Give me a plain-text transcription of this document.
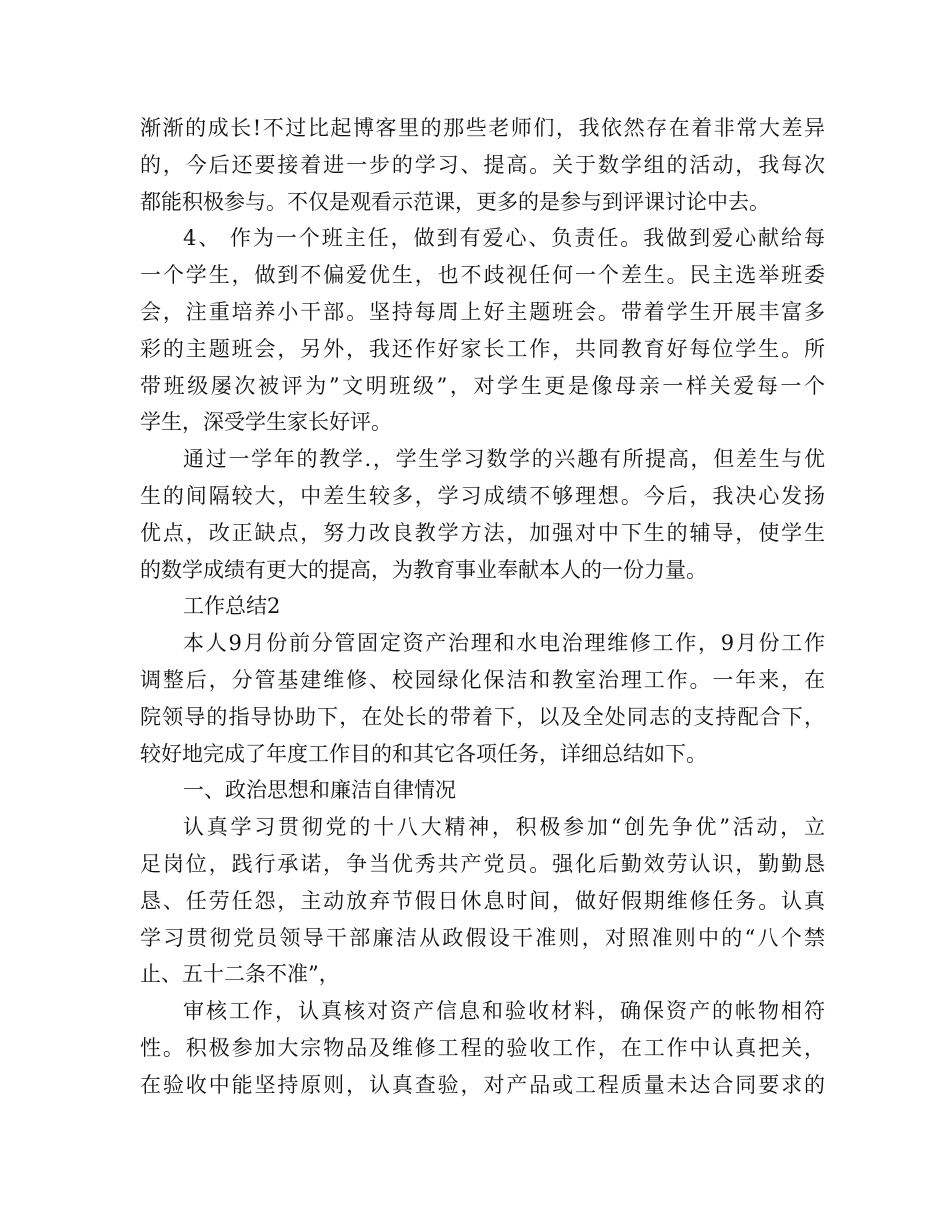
渐渐的成长!不过比起博客里的那些老师们，我依然存在着非常大差异
的，今后还要接着进一步的学习、提高。关于数学组的活动，我每次
都能积极参与。不仅是观看示范课，更多的是参与到评课讨论中去。
4、 作为一个班主任，做到有爱心、负责任。我做到爱心献给每
一个学生，做到不偏爱优生，也不歧视任何一个差生。民主选举班委
会，注重培养小干部。坚持每周上好主题班会。带着学生开展丰富多
彩的主题班会，另外，我还作好家长工作，共同教育好每位学生。所
带班级屡次被评为”文明班级”，对学生更是像母亲一样关爱每一个
学生，深受学生家长好评。
通过一学年的教学.，学生学习数学的兴趣有所提高，但差生与优
生的间隔较大，中差生较多，学习成绩不够理想。今后，我决心发扬
优点，改正缺点，努力改良教学方法，加强对中下生的辅导，使学生
的数学成绩有更大的提高，为教育事业奉献本人的一份力量。
工作总结2
本人9月份前分管固定资产治理和水电治理维修工作，9月份工作
调整后，分管基建维修、校园绿化保洁和教室治理工作。一年来，在
院领导的指导协助下，在处长的带着下，以及全处同志的支持配合下，
较好地完成了年度工作目的和其它各项任务，详细总结如下。
一、政治思想和廉洁自律情况
认真学习贯彻党的十八大精神，积极参加“创先争优”活动，立
足岗位，践行承诺，争当优秀共产党员。强化后勤效劳认识，勤勤恳
恳、任劳任怨，主动放弃节假日休息时间，做好假期维修任务。认真
学习贯彻党员领导干部廉洁从政假设干准则，对照准则中的“八个禁
止、五十二条不准”，
审核工作，认真核对资产信息和验收材料，确保资产的帐物相符
性。积极参加大宗物品及维修工程的验收工作，在工作中认真把关，
在验收中能坚持原则，认真查验，对产品或工程质量未达合同要求的
